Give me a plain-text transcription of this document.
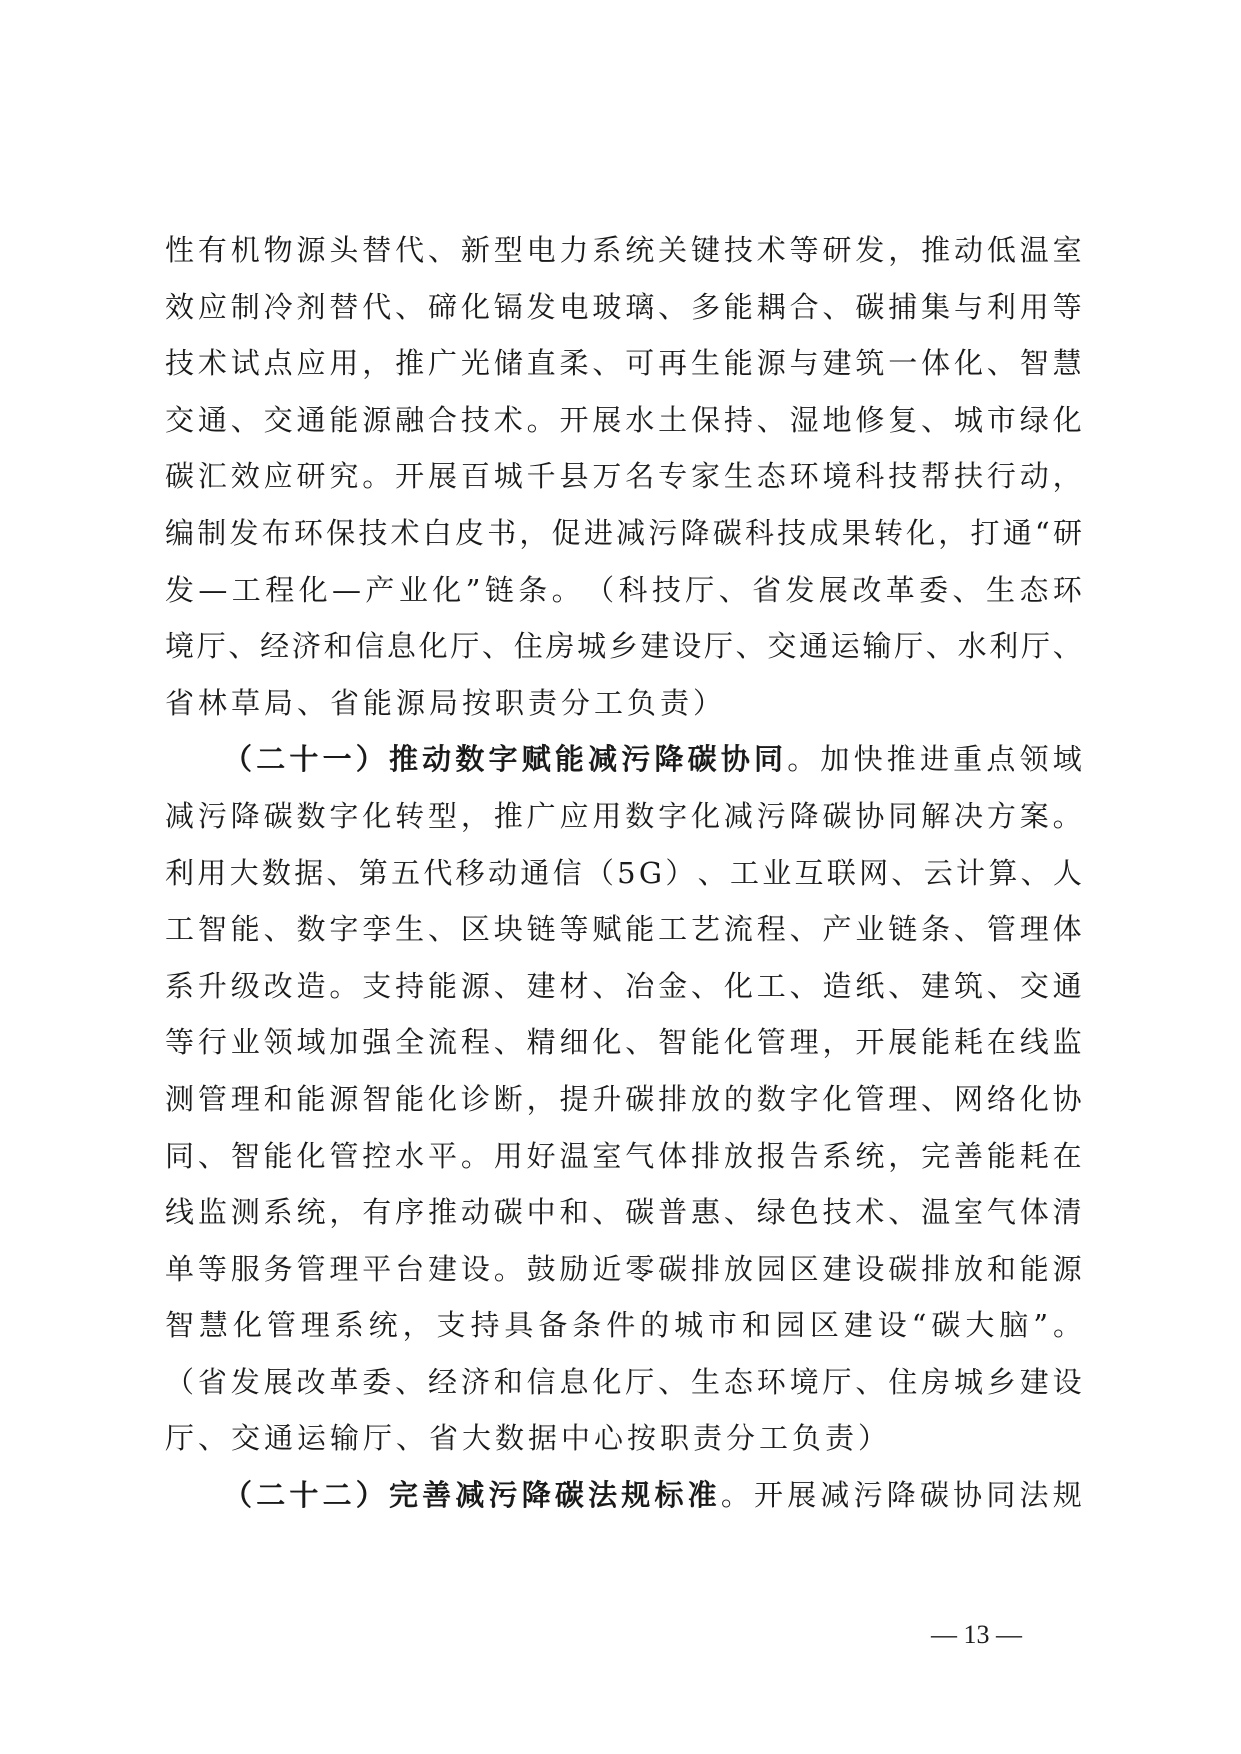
性 有 机 物 源 头 替 代 、 新 型 电 力 系 统 关 键 技 术 等 研 发 ， 推 动 低 温 室
效 应 制 冷 剂 替 代 、 碲 化 镉 发 电 玻 璃 、 多 能 耦 合 、 碳 捕 集 与 利 用 等
技 术 试 点 应 用 ， 推 广 光 储 直 柔 、 可 再 生 能 源 与 建 筑 一 体 化 、 智 慧
交 通 、 交 通 能 源 融 合 技 术 。 开 展 水 土 保 持 、 湿 地 修 复 、 城 市 绿 化
碳 汇 效 应 研 究 。 开 展 百 城 千 县 万 名 专 家 生 态 环 境 科 技 帮 扶 行 动 ，
编 制 发 布 环 保 技 术 白 皮 书 ， 促 进 减 污 降 碳 科 技 成 果 转 化 ， 打 通 “ 研
发 — 工 程 化 — 产 业 化 ” 链 条 。 （ 科 技 厅 、 省 发 展 改 革 委 、 生 态 环
境 厅 、 经 济 和 信 息 化 厅 、 住 房 城 乡 建 设 厅 、 交 通 运 输 厅 、 水 利 厅 、
省林草局、省能源局按职责分工负责）
（ 二 十 一 ） 推 动 数 字 赋 能 减 污 降 碳 协 同 。 加 快 推 进 重 点 领 域
减 污 降 碳 数 字 化 转 型 ， 推 广 应 用 数 字 化 减 污 降 碳 协 同 解 决 方 案 。
利 用 大 数 据 、 第 五 代 移 动 通 信 （ 5 G ） 、 工 业 互 联 网 、 云 计 算 、 人
工 智 能 、 数 字 孪 生 、 区 块 链 等 赋 能 工 艺 流 程 、 产 业 链 条 、 管 理 体
系 升 级 改 造 。 支 持 能 源 、 建 材 、 冶 金 、 化 工 、 造 纸 、 建 筑 、 交 通
等 行 业 领 域 加 强 全 流 程 、 精 细 化 、 智 能 化 管 理 ， 开 展 能 耗 在 线 监
测 管 理 和 能 源 智 能 化 诊 断 ， 提 升 碳 排 放 的 数 字 化 管 理 、 网 络 化 协
同 、 智 能 化 管 控 水 平 。 用 好 温 室 气 体 排 放 报 告 系 统 ， 完 善 能 耗 在
线 监 测 系 统 ， 有 序 推 动 碳 中 和 、 碳 普 惠 、 绿 色 技 术 、 温 室 气 体 清
单 等 服 务 管 理 平 台 建 设 。 鼓 励 近 零 碳 排 放 园 区 建 设 碳 排 放 和 能 源
智 慧 化 管 理 系 统 ， 支 持 具 备 条 件 的 城 市 和 园 区 建 设 “ 碳 大 脑 ” 。
（ 省 发 展 改 革 委 、 经 济 和 信 息 化 厅 、 生 态 环 境 厅 、 住 房 城 乡 建 设
厅、交通运输厅、省大数据中心按职责分工负责）
（ 二 十 二 ） 完 善 减 污 降 碳 法 规 标 准 。 开 展 减 污 降 碳 协 同 法 规
— 13 —
